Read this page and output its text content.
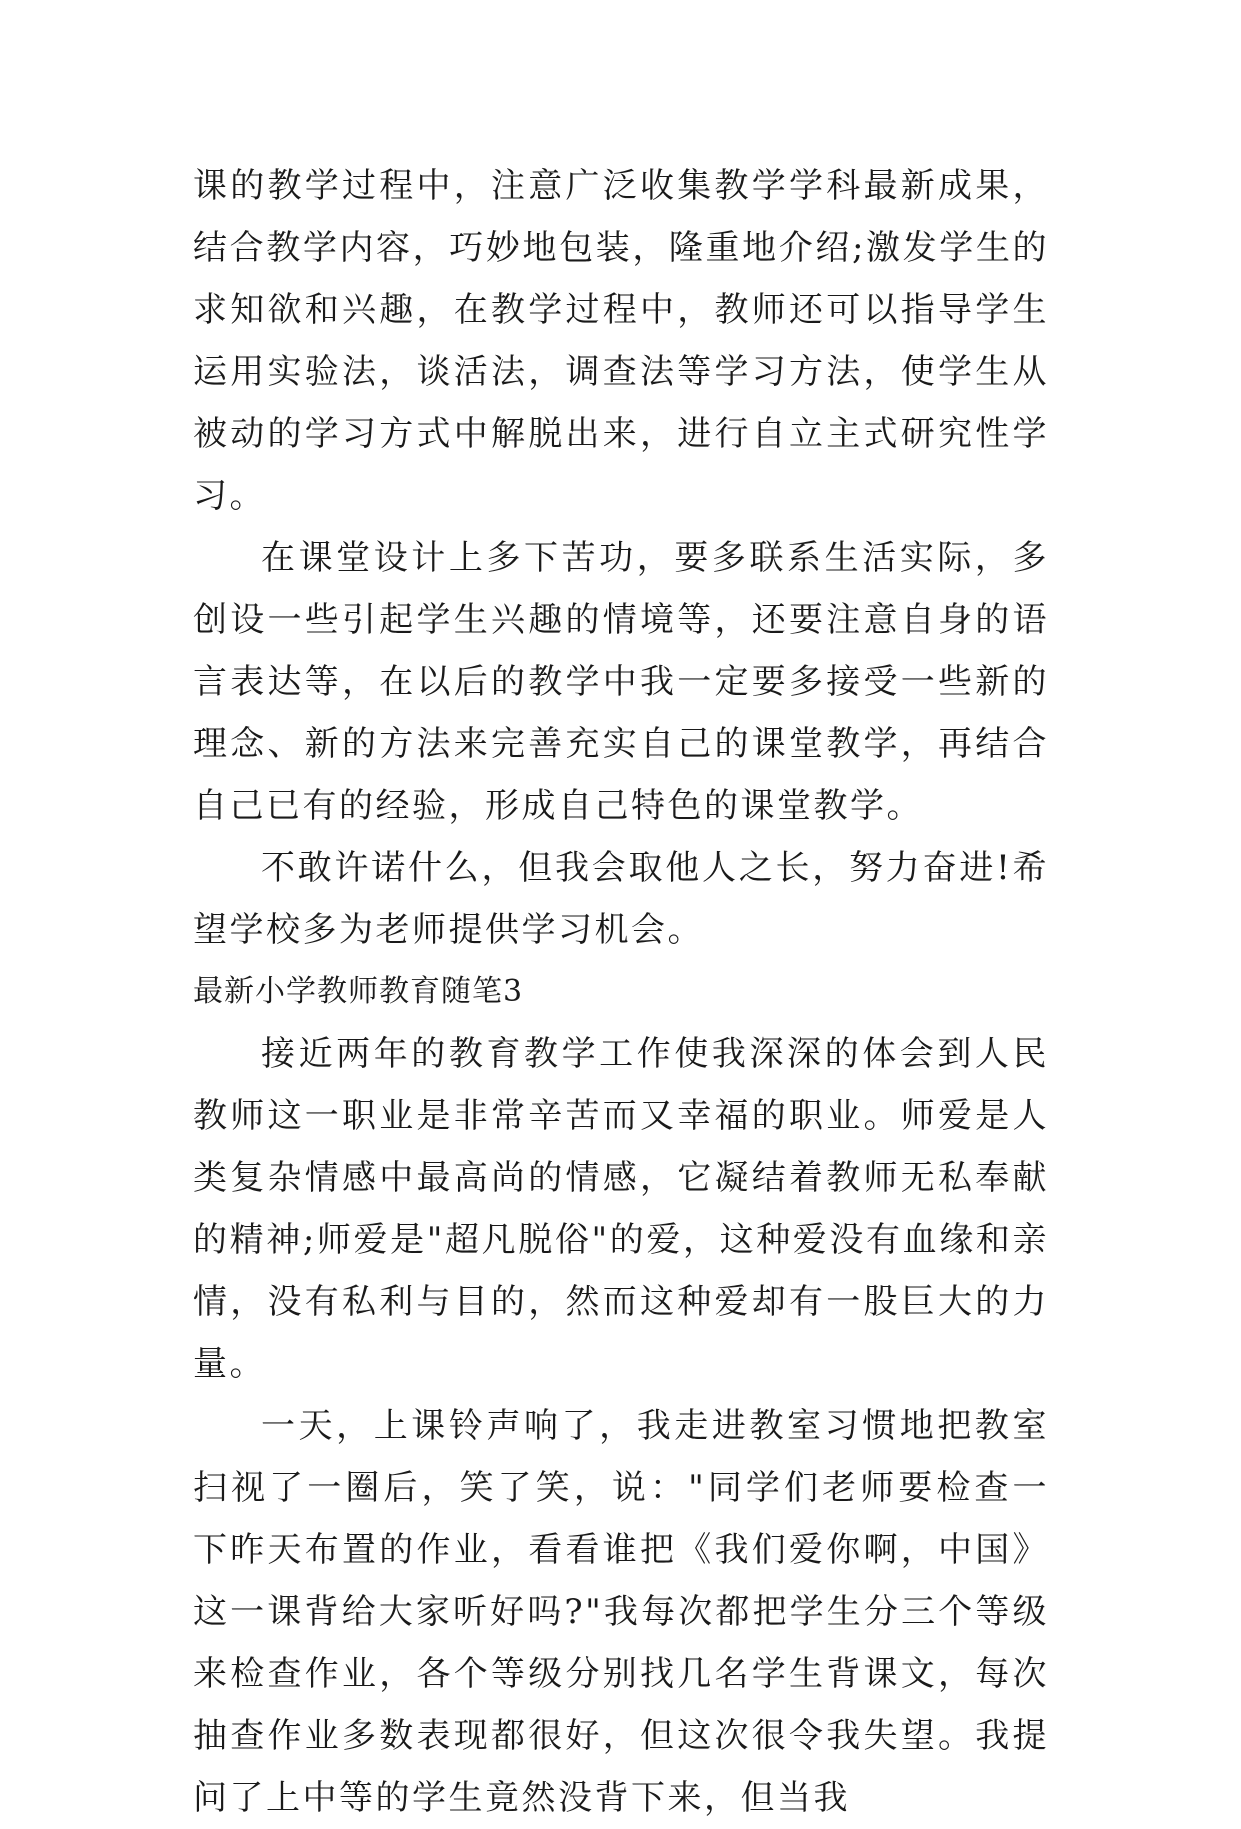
课的教学过程中，注意广泛收集教学学科最新成果，结合教学内容，巧妙地包装，隆重地介绍;激发学生的求知欲和兴趣，在教学过程中，教师还可以指导学生运用实验法，谈活法，调查法等学习方法，使学生从被动的学习方式中解脱出来，进行自立主式研究性学习。

在课堂设计上多下苦功，要多联系生活实际，多创设一些引起学生兴趣的情境等，还要注意自身的语言表达等，在以后的教学中我一定要多接受一些新的理念、新的方法来完善充实自己的课堂教学，再结合自己已有的经验，形成自己特色的课堂教学。

不敢许诺什么，但我会取他人之长，努力奋进!希望学校多为老师提供学习机会。

最新小学教师教育随笔3

接近两年的教育教学工作使我深深的体会到人民教师这一职业是非常辛苦而又幸福的职业。师爱是人类复杂情感中最高尚的情感，它凝结着教师无私奉献的精神;师爱是"超凡脱俗"的爱，这种爱没有血缘和亲情，没有私利与目的，然而这种爱却有一股巨大的力量。

一天，上课铃声响了，我走进教室习惯地把教室扫视了一圈后，笑了笑，说："同学们老师要检查一下昨天布置的作业，看看谁把《我们爱你啊，中国》这一课背给大家听好吗?"我每次都把学生分三个等级来检查作业，各个等级分别找几名学生背课文，每次抽查作业多数表现都很好，但这次很令我失望。我提问了上中等的学生竟然没背下来，但当我
